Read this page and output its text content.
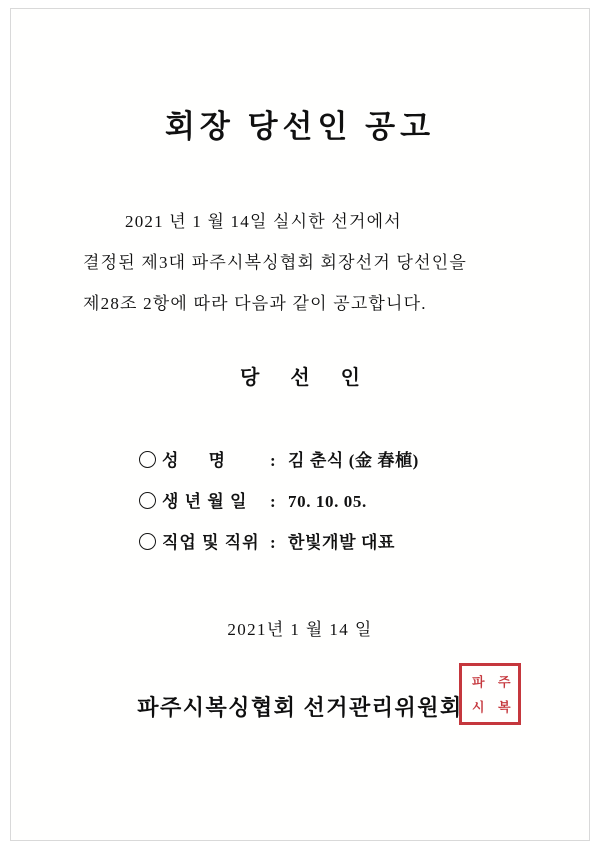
회장 당선인 공고
2021 년 1 월 14일 실시한 선거에서
결정된 제3대 파주시복싱협회 회장선거 당선인을
제28조 2항에 따라 다음과 같이 공고합니다.
당 선 인
성 명	: 김 춘식 (金 春植)
생 년 월 일	: 70. 10. 05.
직업 및 직위 : 한빛개발 대표
2021년 1 월 14 일
파주시복싱협회 선거관리위원회
파 주
시 복
